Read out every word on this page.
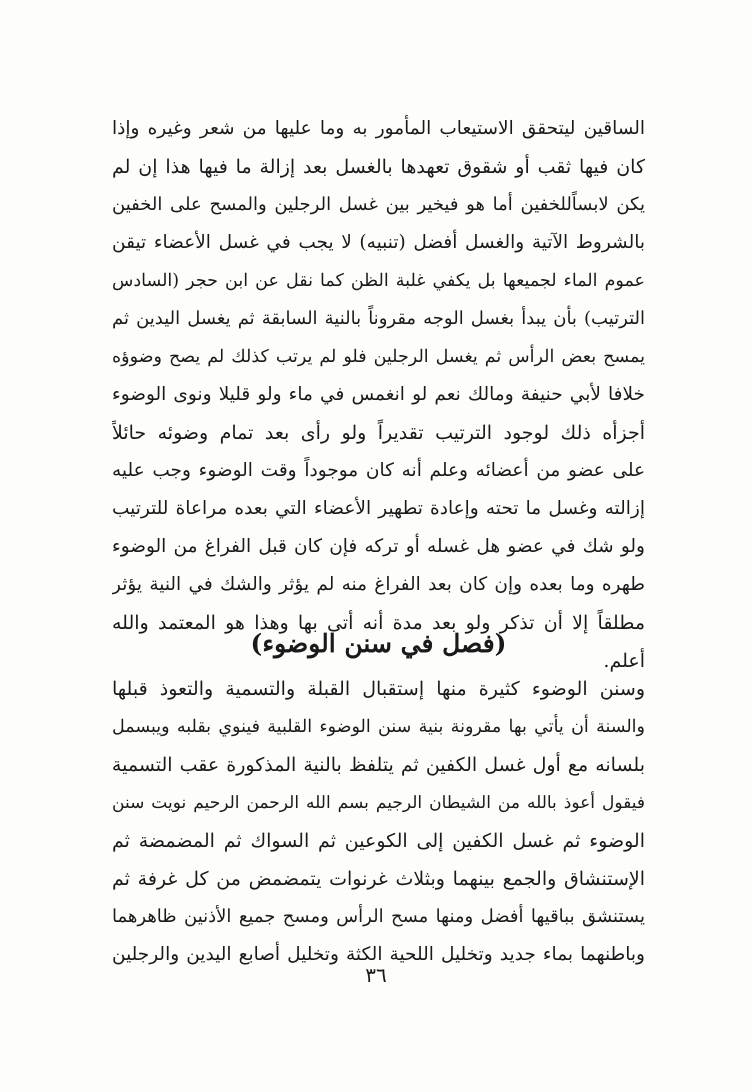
الساقين ليتحقق الاستيعاب المأمور به وما عليها من شعر وغيره وإذا
كان فيها ثقب أو شقوق تعهدها بالغسل بعد إزالة ما فيها هذا إن لم
يكن لابساًللخفين أما هو فيخير بين غسل الرجلين والمسح على الخفين
بالشروط الآتية والغسل أفضل (تنبيه) لا يجب في غسل الأعضاء تيقن
عموم الماء لجميعها بل يكفي غلبة الظن كما نقل عن ابن حجر (السادس
الترتيب) بأن يبدأ بغسل الوجه مقروناً بالنية السابقة ثم يغسل اليدين ثم
يمسح بعض الرأس ثم يغسل الرجلين فلو لم يرتب كذلك لم يصح وضوؤه
خلافا لأبي حنيفة ومالك نعم لو انغمس في ماء ولو قليلا ونوى الوضوء
أجزأه ذلك لوجود الترتيب تقديراً ولو رأى بعد تمام وضوئه حائلاً
على عضو من أعضائه وعلم أنه كان موجوداً وقت الوضوء وجب عليه
إزالته وغسل ما تحته وإعادة تطهير الأعضاء التي بعده مراعاة للترتيب
ولو شك في عضو هل غسله أو تركه فإن كان قبل الفراغ من الوضوء
طهره وما بعده وإن كان بعد الفراغ منه لم يؤثر والشك في النية يؤثر
مطلقاً إلا أن تذكر ولو بعد مدة أنه أتى بها وهذا هو المعتمد والله
أعلم.
(فصل في سنن الوضوء)
وسنن الوضوء كثيرة منها إستقبال القبلة والتسمية والتعوذ قبلها
والسنة أن يأتي بها مقرونة بنية سنن الوضوء القلبية فينوي بقلبه ويبسمل
بلسانه مع أول غسل الكفين ثم يتلفظ بالنية المذكورة عقب التسمية
فيقول أعوذ بالله من الشيطان الرجيم بسم الله الرحمن الرحيم نويت سنن
الوضوء ثم غسل الكفين إلى الكوعين ثم السواك ثم المضمضة ثم
الإستنشاق والجمع بينهما وبثلاث غرنوات يتمضمض من كل غرفة ثم
يستنشق بباقيها أفضل ومنها مسح الرأس ومسح جميع الأذنين ظاهرهما
وباطنهما بماء جديد وتخليل اللحية الكثة وتخليل أصابع اليدين والرجلين
٣٦
